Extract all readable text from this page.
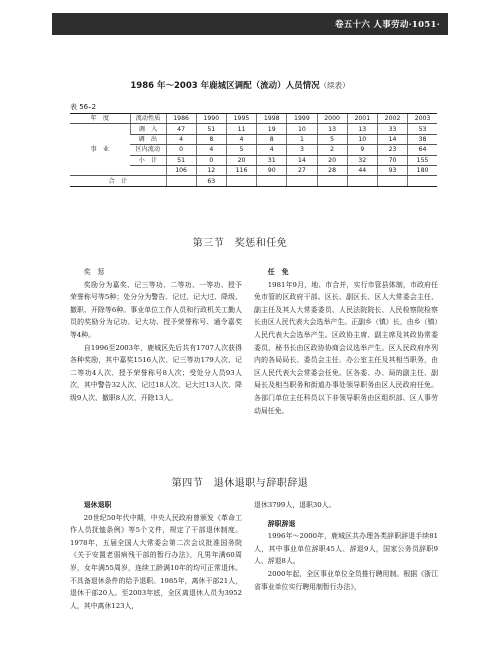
卷五十六 人事劳动·1051·
1986 年～2003 年鹿城区调配（流动）人员情况（续表）
表 56–2
年　度	流动性质	1986	1990	1995	1998	1999	2000	2001	2002	2003
事　业	调　入	47	51	11	19	10	13	13	33	53
	调　出	4	8	4	8	1	5	10	14	38
	区内流动	0	4	5	4	3	2	9	23	64
	小　计	51	0	20	31	14	20	32	70	155
		106	12	116	90	27	28	44	93	180
合　计			63							
第三节　奖惩和任免

奖　惩

奖励分为嘉奖、记三等功、二等功、一等功、授予荣誉称号等5种；处分分为警告、记过、记大过、降级、撤职、开除等6种。事业单位工作人员和行政机关工勤人员的奖励分为记功、记大功、授予荣誉称号、通令嘉奖等4种。

自1996至2003年，鹿城区先后共有1707人次获得各种奖励，其中嘉奖1516人次、记三等功179人次、记二等功4人次、授予荣誉称号8人次；受处分人员93人次，其中警告32人次、记过18人次、记大过13人次、降级9人次、撤职8人次、开除13人。

任　免

1981年9月，地、市合并，实行市管县体制，市政府任免市管的区政府干部。区长、副区长、区人大常委会主任、副主任及其人大常委委员、人民法院院长、人民检察院检察长由区人民代表大会选举产生。正副乡（镇）长，由乡（镇）人民代表大会选举产生。区政协主席、副主席及其政协常委委员、秘书长由区政协协商会议选举产生。区人民政府序列内的各局局长、委员会主任、办公室主任及其相当职务，由区人民代表大会常委会任免。区各委、办、局的副主任、副局长及相当职务和街道办事处领导职务由区人民政府任免。各部门单位主任科员以下非领导职务由区组织部、区人事劳动局任免。

第四节　退休退职与辞职辞退

退休退职

20世纪50年代中期，中央人民政府曾颁发《革命工作人员抚恤条例》等5个文件，规定了干部退休制度。1978年，五届全国人大常委会第二次会议批准国务院《关于安置老弱病残干部的暂行办法》，凡男年满60周岁，女年满55周岁，连续工龄满10年的均可正常退休。不具备退休条件的给予退职。1985年，离休干部21人，退休干部20人。至2003年底，全区离退休人员为3952人，其中离休123人，

退休3799人，退职30人。

辞职辞退

1996年～2000年，鹿城区共办理各类辞职辞退手续81人，其中事业单位辞职45人、辞退9人，国家公务员辞职9人、辞退8人。

2000年起，全区事业单位全员推行聘用制。根据《浙江省事业单位实行聘用制暂行办法》，
